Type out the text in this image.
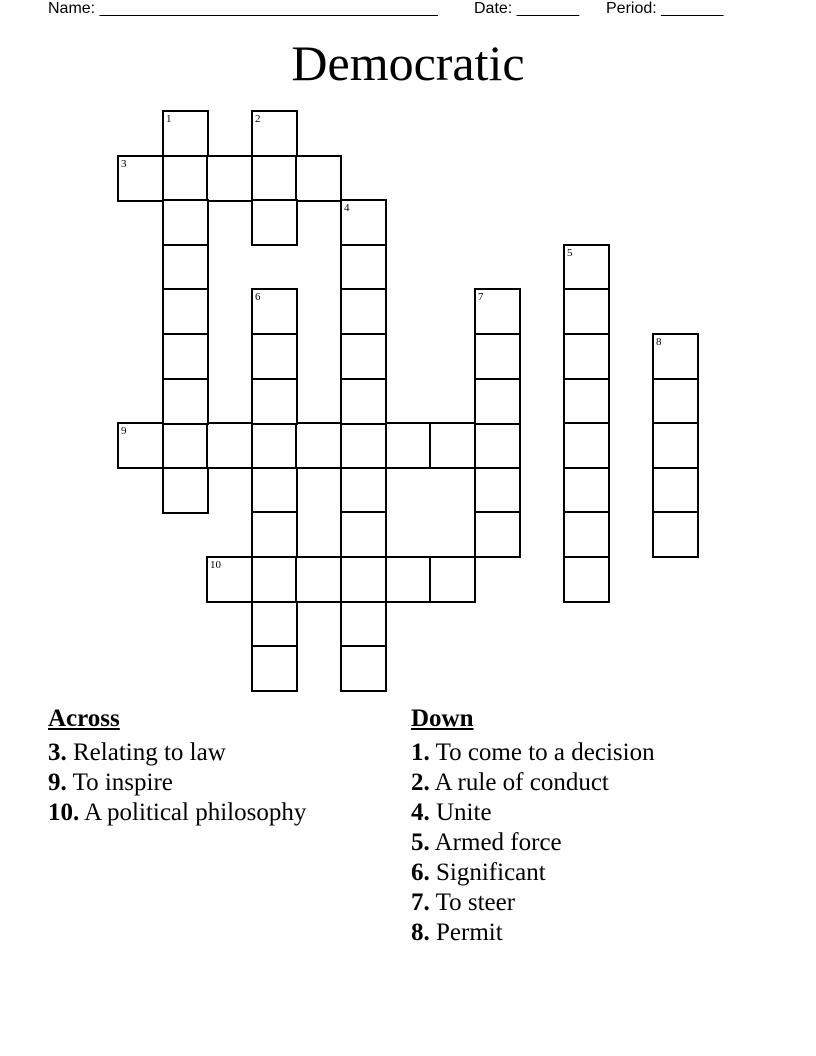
Name: ______________________________________ Date: _______ Period: _______
Democratic
3
9
10
1	2
4
5
6	7
8
Across
3. Relating to law
9. To inspire
10. A political philosophy
Down
1. To come to a decision
2. A rule of conduct
4. Unite
5. Armed force
6. Significant
7. To steer
8. Permit
